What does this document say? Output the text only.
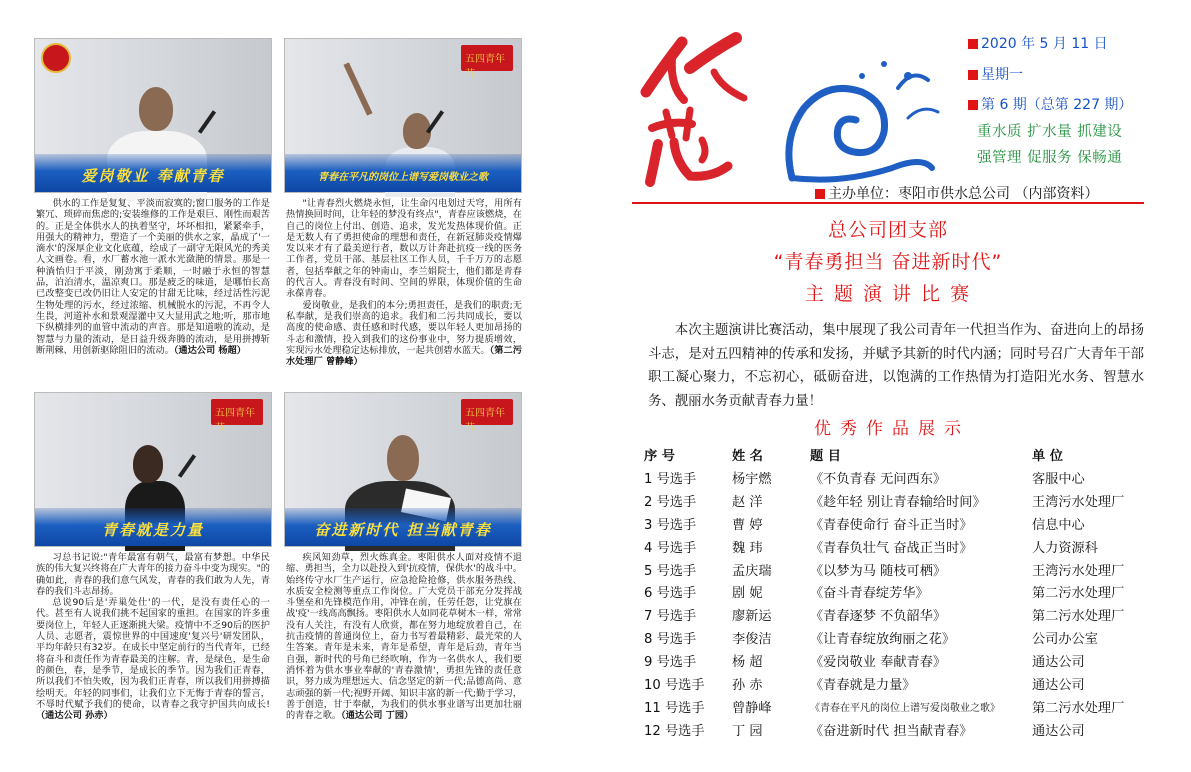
爱岗敬业 奉献青春
五四青年节
青春在平凡的岗位上谱写爱岗敬业之歌

供水的工作是复复、平淡而寂寞的;窗口服务的工作是繁冗、琐碎而焦虑的;安装维修的工作是艰巨、刚性而艰苦的。正是全体供水人的执着坚守，坏坏相扣，紧紧牵手，用强大的精神力，塑造了一个美丽的供水之家，晶成了'一滴水'的深厚企业文化底蕴，绘成了一副守无限风光的秀美人文画卷。看，水厂蓄水池一派水光潋滟的情景。那是一种淌怡归于平淡，刚劲寓于柔顺，一时融于永恒的智慧品，泊泊清水，温凉爽口。那是疲乏的味道，是哪怕长高已改整变已改仍旧让人安定的甘甜无比味，经过活性污泥生物处理的污水，经过浓缩、机械脱水的污泥，不再令人生畏，河道补水和景观湿灌中又大显用武之地;听，那市地下纵横排列的血管中流动的声音。那是知道啦的流动，是智慧与力量的流动，是日益升级奔腾的流动，是用拼搏斩断荆棘、用创新驱除阻旧的流动。（通达公司 杨超）

"让青春烈火燃烧永恒，让生命闪电划过天穹，用所有热情换回时间，让年轻的梦没有终点"，青春应该燃烧，在自己的岗位上付出、创造、追求，发光发热体现价值。正是无数人有了勇担使命的理想和责任，在新冠肺炎疫情爆发以来才有了最美逆行者，数以万计奔赴抗疫一线的医务工作者，党员干部、基层社区工作人员，千千万万的志愿者，包括奉献之年的钟南山，李兰娟院士，他们都是青春的代言人。青春没有时间、空间的界限，体现价值的生命永葆青春。

爱岗敬业，是我们的本分;勇担责任，是我们的职责;无私奉献，是我们崇高的追求。我们和二污共同成长，要以高度的使命感、责任感和时代感，要以年轻人更加昂扬的斗志和激情，投入到我们的这份事业中，努力提质增效，实现污水处理稳定达标排放，一起共创碧水蓝天。（第二污水处理厂 曾静峰）

五四青年节
青春就是力量
五四青年节
奋进新时代 担当献青春

习总书记说:"青年最富有朝气，最富有梦想。中华民族的伟大复兴终将在广大青年的接力奋斗中变为现实。"的确如此，青春的我们意气风发，青春的我们敢为人先，青春的我们斗志昂扬。

总说90后是'弄巢处仕'的一代，是没有责任心的一代。甚至有人说我们挑不起国家的重担。在国家的许多重要岗位上，年轻人正逐渐挑大梁。疫情中不乏90后的医护人员、志愿者，震惊世界的中国速度'复兴号'研发团队，平均年龄只有32岁。在成长中坚定前行的当代青年，已经将奋斗和责任作为青春最美的注解。青，是绿色，是生命的颜色，春，是季节，是成长的季节。因为我们正青春，所以我们不怕失败，因为我们正青春，所以我们用拼搏描绘明天。年轻的同事们，让我们立下无悔于青春的誓言，不辱时代赋予我们的使命，以青春之我守护国共向成长!（通达公司 孙赤）

疾风知劲草，烈火炼真金。枣阳供水人面对疫情不退缩、勇担当，全力以赴投入到'抗疫情，保供水'的战斗中。始终传守水厂生产运行，应急抢险抢修，供水服务热线、水质安全检测等重点工作岗位。广大党员干部充分发挥战斗堡垒和先锋模范作用，冲锋在前，任劳任怨，让党旗在战'疫'一线高高飘扬。枣阳供水人如同花草树木一样，常常没有人关注，有没有人欣赏，都在努力地绽放着自己，在抗击疫情的普通岗位上，奋力书写着最精彩、最光荣的人生答案。青年是未来，青年是希望，青年是后劲，青年当自强，新时代的号角已经吹响，作为一名供水人，我们要消怀着为供水事业奉献的'青春激情'，勇担先锋的责任意识，努力成为理想远大、信念坚定的新一代;品德高尚、意志顽强的新一代;视野开阔、知识丰富的新一代;勤于学习，善于创造，甘于奉献，为我们的供水事业谱写出更加壮丽的青春之歌。（通达公司 丁园）

2020 年 5 月 11 日
星期一
第 6 期（总第 227 期）
重水质 扩水量 抓建设
强管理 促服务 保畅通
主办单位：枣阳市供水总公司 （内部资料）
总公司团支部
“青春勇担当 奋进新时代”
主 题 演 讲 比 赛

本次主题演讲比赛活动，集中展现了我公司青年一代担当作为、奋进向上的昂扬斗志，是对五四精神的传承和发扬，并赋予其新的时代内涵；同时号召广大青年干部职工凝心聚力，不忘初心，砥砺奋进，以饱满的工作热情为打造阳光水务、智慧水务、靓丽水务贡献青春力量！

优秀作品展示
序 号	姓 名	题 目	单 位
1 号选手	杨宇燃	《不负青春 无问西东》	客服中心
2 号选手	赵 洋	《趁年轻 别让青春输给时间》	王湾污水处理厂
3 号选手	曹 婷	《青春使命行 奋斗正当时》	信息中心
4 号选手	魏 玮	《青春负壮气 奋战正当时》	人力资源科
5 号选手	孟庆瑞	《以梦为马 随枝可栖》	王湾污水处理厂
6 号选手	剧 妮	《奋斗青春绽芳华》	第二污水处理厂
7 号选手	廖新运	《青春逐梦 不负韶华》	第二污水处理厂
8 号选手	李俊洁	《让青春绽放绚丽之花》	公司办公室
9 号选手	杨 超	《爱岗敬业 奉献青春》	通达公司
10 号选手	孙 赤	《青春就是力量》	通达公司
11 号选手	曾静峰	《青春在平凡的岗位上谱写爱岗敬业之歌》	第二污水处理厂
12 号选手	丁 园	《奋进新时代 担当献青春》	通达公司
